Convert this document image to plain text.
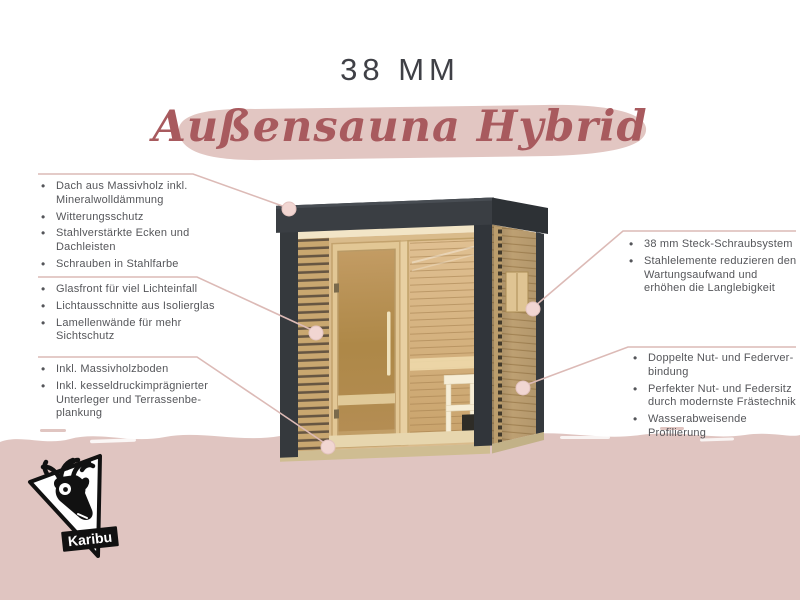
38 MM
Außensauna Hybrid
• Dach aus Massivholz inkl. Mineralwolldämmung
• Witterungsschutz
• Stahlverstärkte Ecken und Dachleisten
• Schrauben in Stahlfarbe
• Glasfront für viel Lichteinfall
• Lichtausschnitte aus Isolierglas
• Lamellenwände für mehr Sichtschutz
• Inkl. Massivholzboden
• Inkl. kesseldruckimprägnierter Unterleger und Terrassenbeplankung
• 38 mm Steck-Schraubsystem
• Stahlelemente reduzieren den Wartungsaufwand und erhöhen die Langlebigkeit
• Doppelte Nut- und Federverbindung
• Perfekter Nut- und Federsitz durch modernste Frästechnik
• Wasserabweisende Profilierung
Karibu
